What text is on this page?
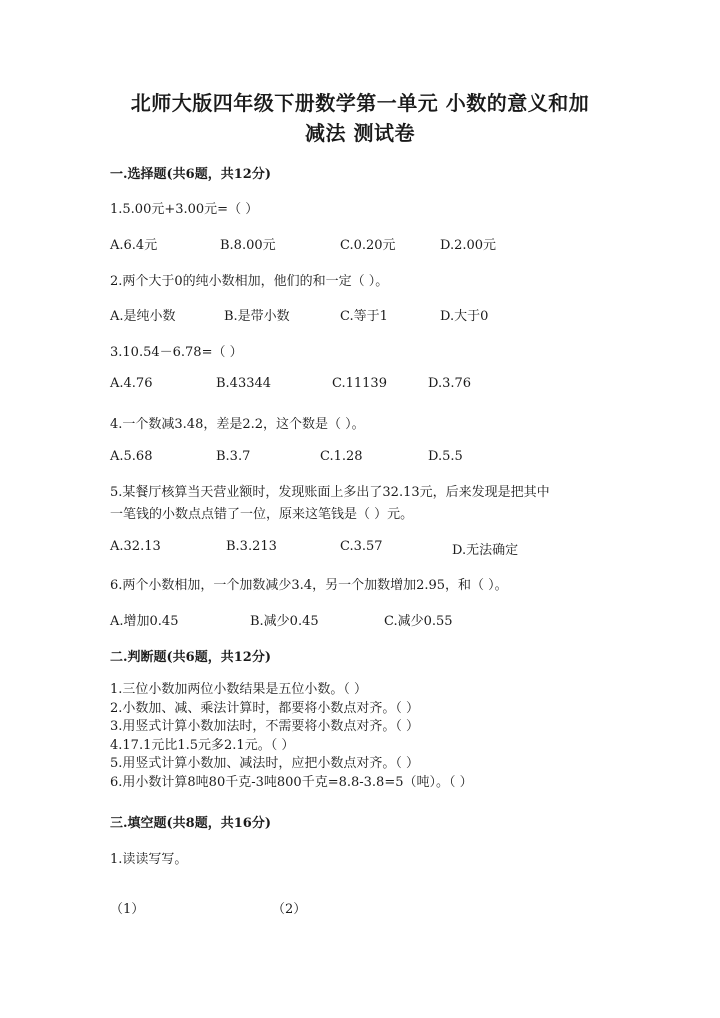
北师大版四年级下册数学第一单元 小数的意义和加
减法 测试卷
一.选择题(共6题，共12分)
1.5.00元+3.00元=（ ）
A.6.4元	B.8.00元	C.0.20元	D.2.00元
2.两个大于0的纯小数相加，他们的和一定（ ）。
A.是纯小数	B.是带小数	C.等于1	D.大于0
3.10.54－6.78=（ ）
A.4.76	B.43344	C.11139	D.3.76
4.一个数减3.48，差是2.2，这个数是（ ）。
A.5.68	B.3.7	C.1.28	D.5.5
5.某餐厅核算当天营业额时，发现账面上多出了32.13元，后来发现是把其中
一笔钱的小数点点错了一位，原来这笔钱是（ ）元。
A.32.13	B.3.213	C.3.57	D.无法确定
6.两个小数相加，一个加数减少3.4，另一个加数增加2.95，和（ ）。
A.增加0.45	B.减少0.45	C.减少0.55
二.判断题(共6题，共12分)
1.三位小数加两位小数结果是五位小数。（ ）
2.小数加、减、乘法计算时，都要将小数点对齐。（ ）
3.用竖式计算小数加法时，不需要将小数点对齐。（ ）
4.17.1元比1.5元多2.1元。（ ）
5.用竖式计算小数加、减法时，应把小数点对齐。（ ）
6.用小数计算8吨80千克-3吨800千克=8.8-3.8=5（吨）。（ ）
三.填空题(共8题，共16分)
1.读读写写。
（1）	（2）
